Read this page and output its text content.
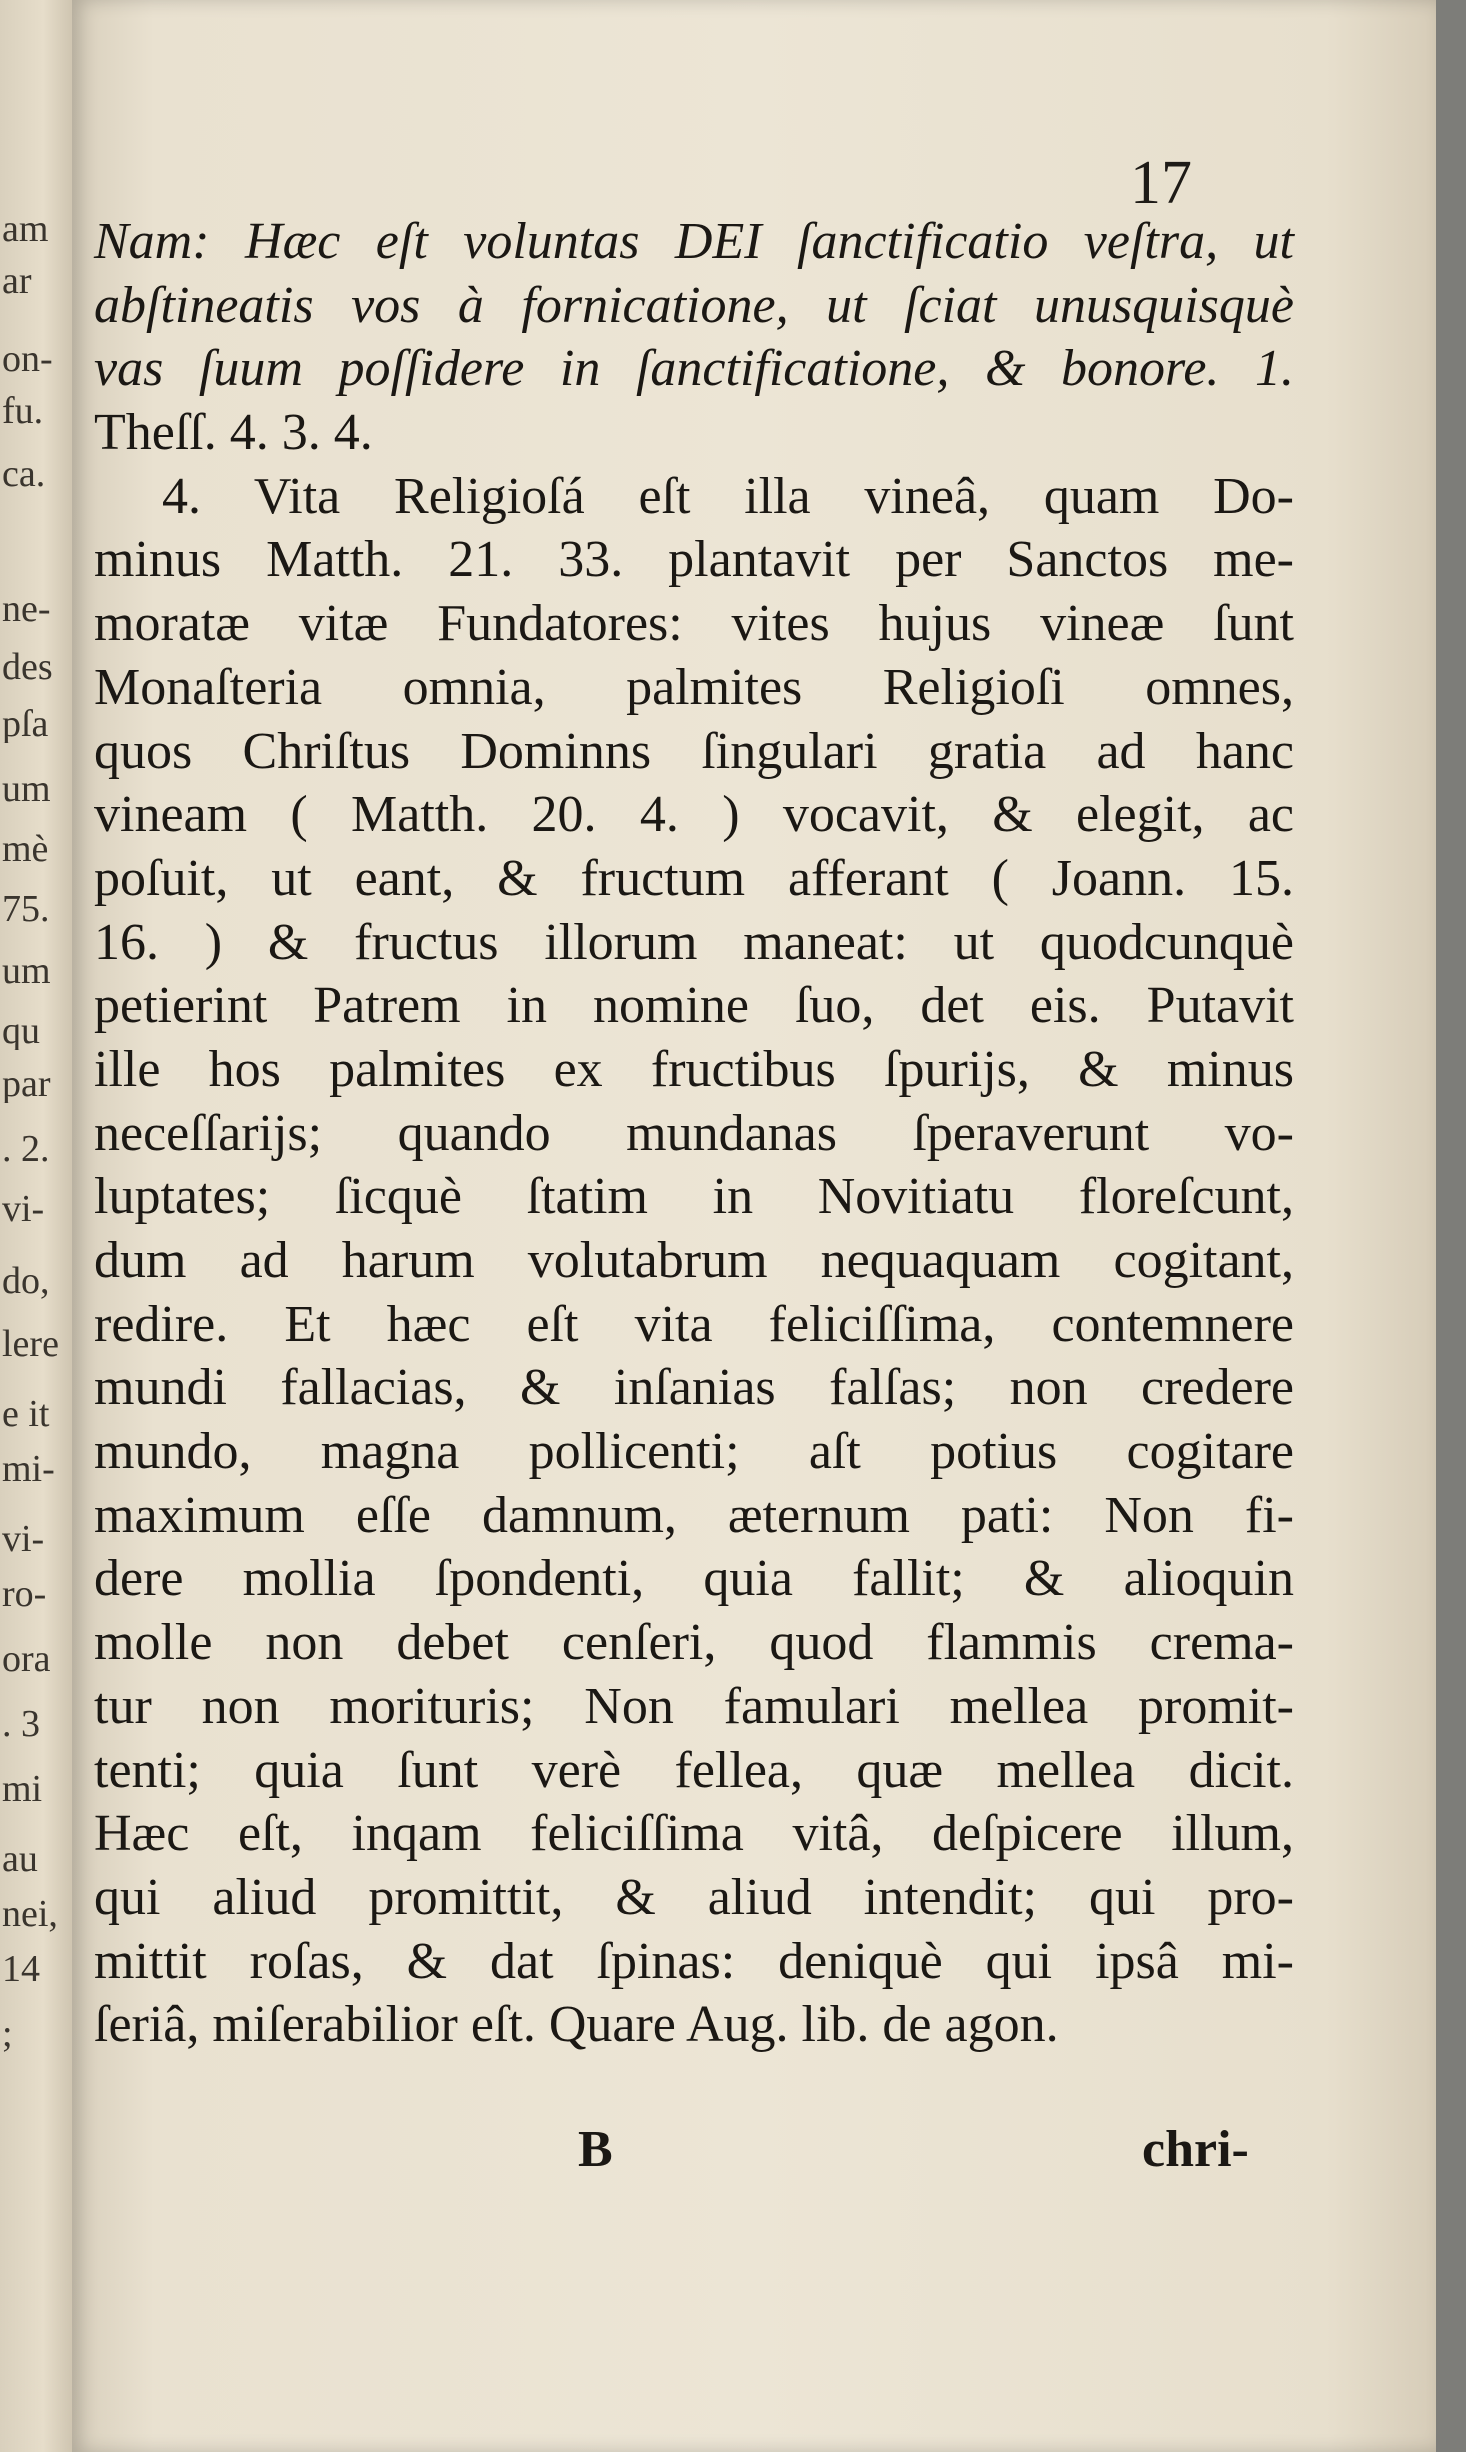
am
ar
on-
fu.
ca.
ne-
des
pſa
um
mè
75.
um
qu
par
. 2.
vi-
do,
lere
e it
mi-
vi-
ro-
ora
. 3
mi
au
nei,
14
;
17
Nam: Hæc eſt voluntas DEI ſanctificatio veſtra, ut
abſtineatis vos à fornicatione, ut ſciat unusquisquè
vas ſuum poſſidere in ſanctificatione, & bonore. 1.
Theſſ. 4. 3. 4.
4. Vita Religioſá eſt illa vineâ, quam Do-
minus Matth. 21. 33. plantavit per Sanctos me-
moratæ vitæ Fundatores: vites hujus vineæ ſunt
Monaſteria omnia, palmites Religioſi omnes,
quos Chriſtus Dominns ſingulari gratia ad hanc
vineam ( Matth. 20. 4. ) vocavit, & elegit, ac
poſuit, ut eant, & fructum afferant ( Joann. 15.
16. ) & fructus illorum maneat: ut quodcunquè
petierint Patrem in nomine ſuo, det eis. Putavit
ille hos palmites ex fructibus ſpurijs, & minus
neceſſarijs; quando mundanas ſperaverunt vo-
luptates; ſicquè ſtatim in Novitiatu floreſcunt,
dum ad harum volutabrum nequaquam cogitant,
redire. Et hæc eſt vita feliciſſima, contemnere
mundi fallacias, & inſanias falſas; non credere
mundo, magna pollicenti; aſt potius cogitare
maximum eſſe damnum, æternum pati: Non fi-
dere mollia ſpondenti, quia fallit; & alioquin
molle non debet cenſeri, quod flammis crema-
tur non morituris; Non famulari mellea promit-
tenti; quia ſunt verè fellea, quæ mellea dicit.
Hæc eſt, inqam feliciſſima vitâ, deſpicere illum,
qui aliud promittit, & aliud intendit; qui pro-
mittit roſas, & dat ſpinas: deniquè qui ipsâ mi-
ſeriâ, miſerabilior eſt. Quare Aug. lib. de agon.
B	chri-
